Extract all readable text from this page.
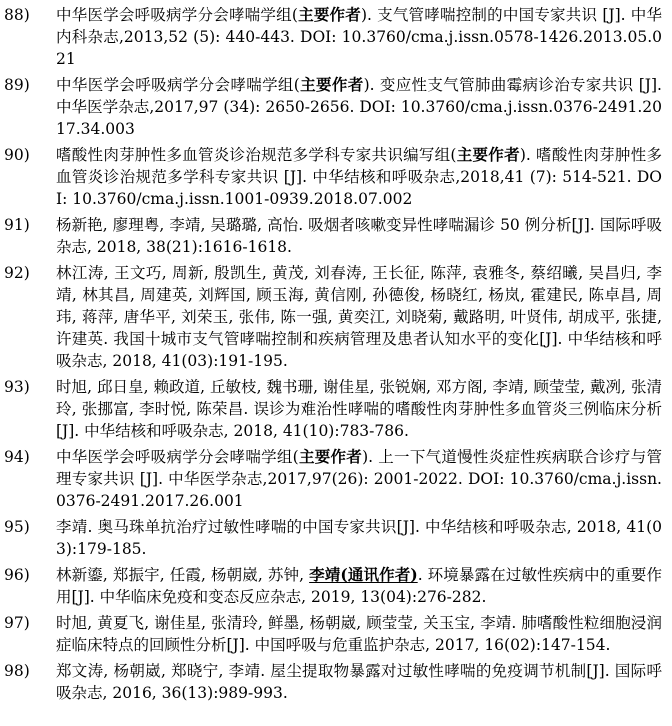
88)	中华医学会呼吸病学分会哮喘学组(主要作者). 支气管哮喘控制的中国专家共识 [J]. 中华内科杂志,2013,52 (5): 440-443. DOI: 10.3760/cma.j.issn.0578-1426.2013.05.021
89)	中华医学会呼吸病学分会哮喘学组(主要作者). 变应性支气管肺曲霉病诊治专家共识 [J]. 中华医学杂志,2017,97 (34): 2650-2656. DOI: 10.3760/cma.j.issn.0376-2491.2017.34.003
90)	嗜酸性肉芽肿性多血管炎诊治规范多学科专家共识编写组(主要作者). 嗜酸性肉芽肿性多血管炎诊治规范多学科专家共识 [J]. 中华结核和呼吸杂志,2018,41 (7): 514-521. DOI: 10.3760/cma.j.issn.1001-0939.2018.07.002
91)	杨新艳, 廖理粤, 李靖, 吴璐璐, 高怡. 吸烟者咳嗽变异性哮喘漏诊 50 例分析[J]. 国际呼吸杂志, 2018, 38(21):1616-1618.
92)	林江涛, 王文巧, 周新, 殷凯生, 黄茂, 刘春涛, 王长征, 陈萍, 袁雅冬, 蔡绍曦, 吴昌归, 李靖, 林其昌, 周建英, 刘辉国, 顾玉海, 黄信刚, 孙德俊, 杨晓红, 杨岚, 霍建民, 陈卓昌, 周玮, 蒋萍, 唐华平, 刘荣玉, 张伟, 陈一强, 黄奕江, 刘晓菊, 戴路明, 叶贤伟, 胡成平, 张捷, 许建英. 我国十城市支气管哮喘控制和疾病管理及患者认知水平的变化[J]. 中华结核和呼吸杂志, 2018, 41(03):191-195.
93)	时旭, 邱日皇, 赖政道, 丘敏枝, 魏书珊, 谢佳星, 张锐娴, 邓方阁, 李靖, 顾莹莹, 戴冽, 张清玲, 张挪富, 李时悦, 陈荣昌. 误诊为难治性哮喘的嗜酸性肉芽肿性多血管炎三例临床分析[J]. 中华结核和呼吸杂志, 2018, 41(10):783-786.
94)	中华医学会呼吸病学分会哮喘学组(主要作者). 上一下气道慢性炎症性疾病联合诊疗与管理专家共识 [J]. 中华医学杂志,2017,97(26): 2001-2022. DOI: 10.3760/cma.j.issn.0376-2491.2017.26.001
95)	李靖. 奥马珠单抗治疗过敏性哮喘的中国专家共识[J]. 中华结核和呼吸杂志, 2018, 41(03):179-185.
96)	林新鎏, 郑振宇, 任霞, 杨朝崴, 苏钟, 李靖(通讯作者). 环境暴露在过敏性疾病中的重要作用[J]. 中华临床免疫和变态反应杂志, 2019, 13(04):276-282.
97)	时旭, 黄夏飞, 谢佳星, 张清玲, 鲜墨, 杨朝崴, 顾莹莹, 关玉宝, 李靖. 肺嗜酸性粒细胞浸润症临床特点的回顾性分析[J]. 中国呼吸与危重监护杂志, 2017, 16(02):147-154.
98)	郑文涛, 杨朝崴, 郑晓宁, 李靖. 屋尘提取物暴露对过敏性哮喘的免疫调节机制[J]. 国际呼吸杂志, 2016, 36(13):989-993.
